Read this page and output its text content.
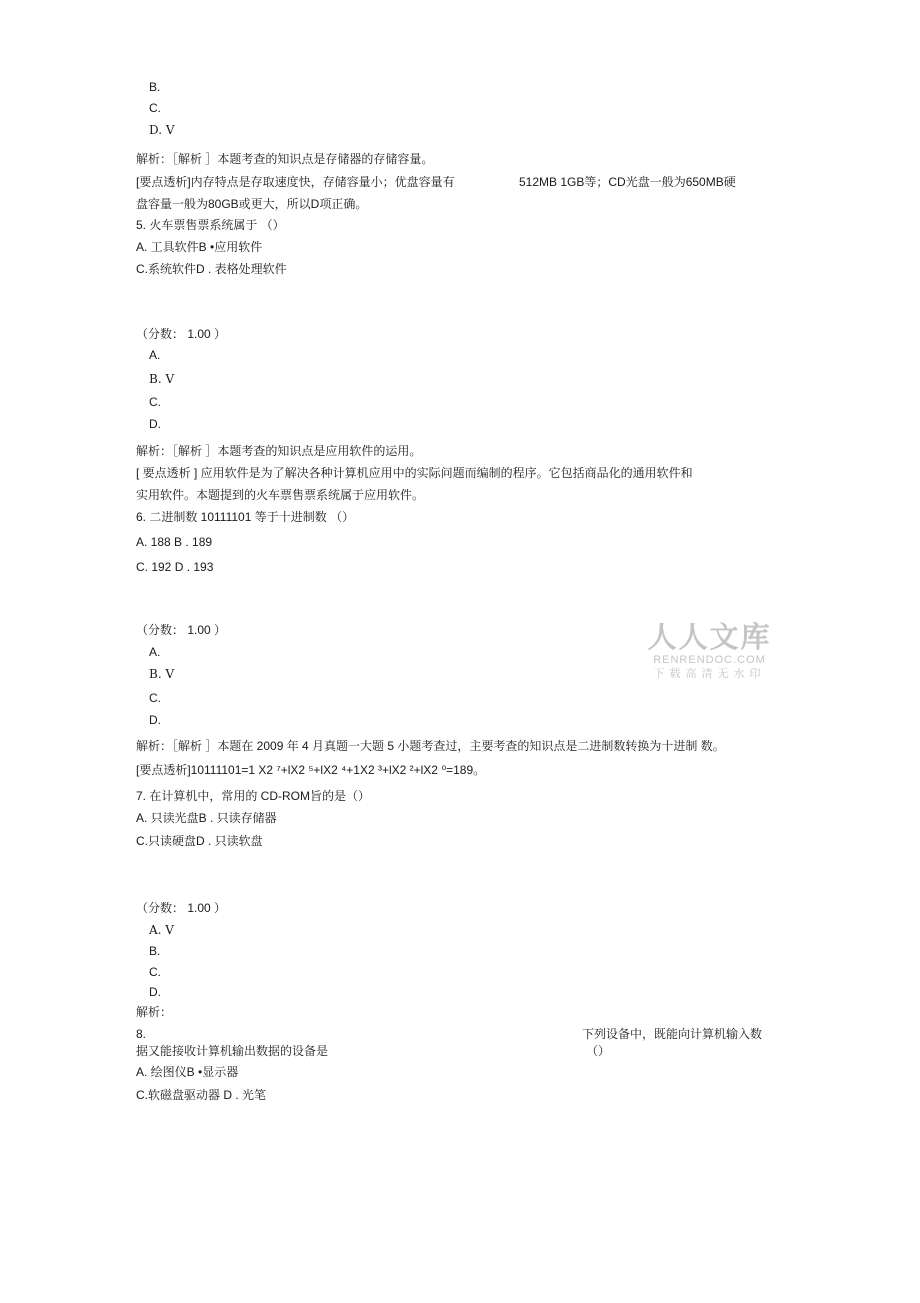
B.
C.
D. V
解析：［解析 ］本题考查的知识点是存储器的存储容量。
[要点透析]内存特点是存取速度快，存储容量小；优盘容量有	512MB 1GB等；CD光盘一般为650MB硬
盘容量一般为80GB或更大，所以D项正确。
5. 火车票售票系统属于 （）
A. 工具软件B •应用软件
C.系统软件D . 表格处理软件
（分数： 1.00 ）
A.
B. V
C.
D.
解析：［解析 ］本题考查的知识点是应用软件的运用。
[ 要点透析 ] 应用软件是为了解决各种计算机应用中的实际问题而编制的程序。它包括商品化的通用软件和
实用软件。本题提到的火车票售票系统属于应用软件。
6. 二进制数 10111101 等于十进制数 （）
A. 188 B . 189
C. 192 D . 193
（分数： 1.00 ）
A.
B. V
C.
D.
解析：［解析 ］本题在 2009 年 4 月真题一大题 5 小题考查过，主要考查的知识点是二进制数转换为十进制 数。
[要点透析]10111101=1 X2 ⁷+lX2 ⁵+lX2 ⁴+1X2 ³+lX2 ²+lX2 ⁰=189。
7. 在计算机中，常用的 CD-ROM旨的是（）
A. 只读光盘B . 只读存储器
C.只读硬盘D . 只读软盘
（分数： 1.00 ）
A. V
B.
C.
D.
解析：
8.	下列设备中，既能向计算机输入数
据又能接收计算机输出数据的设备是	（）
A. 绘图仪B •显示器
C.软磁盘驱动器 D . 光笔
人人文库
RENRENDOC.COM
下载高清无水印
